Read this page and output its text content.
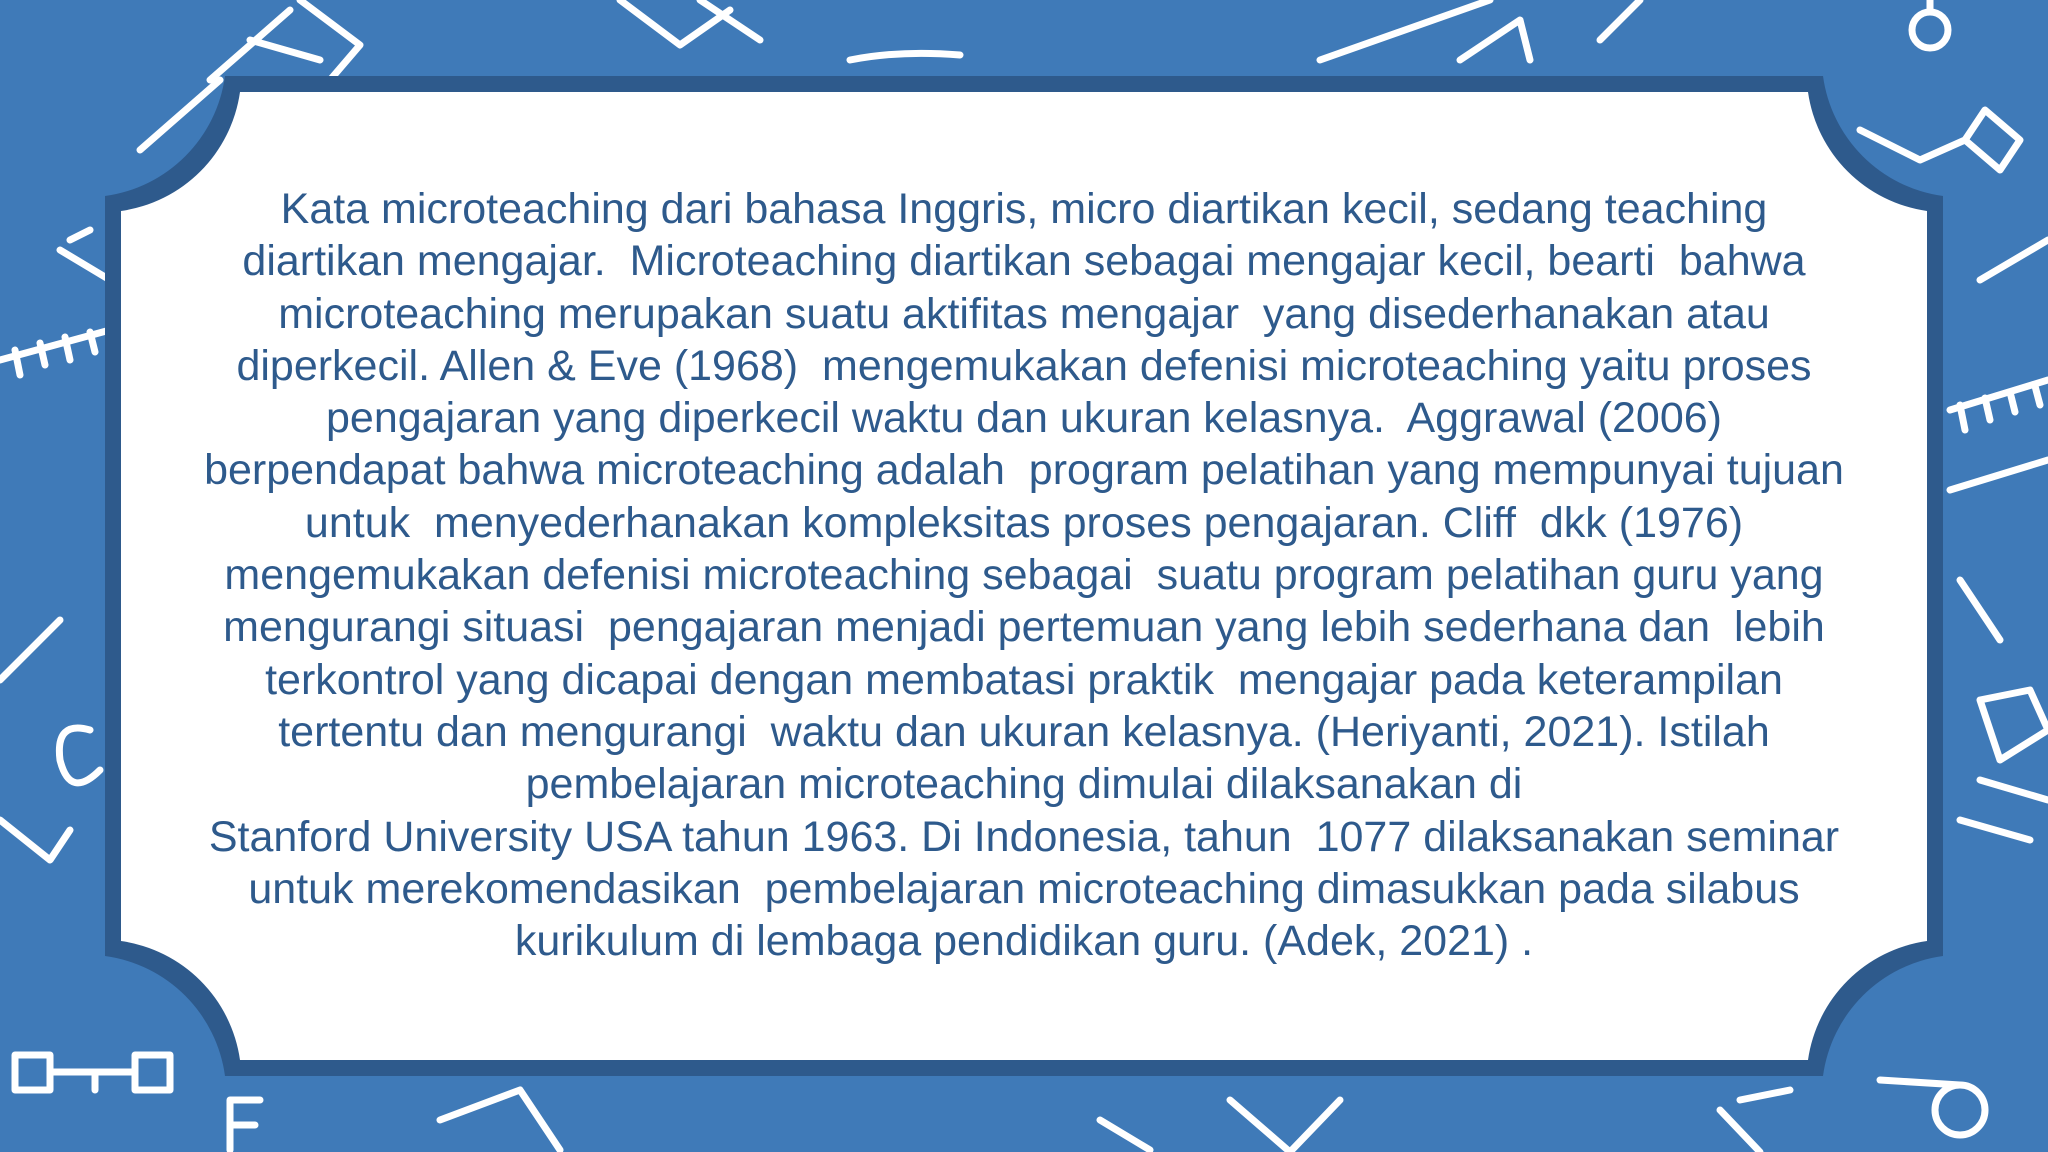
Kata microteaching dari bahasa Inggris, micro diartikan kecil, sedang teaching
diartikan mengajar.  Microteaching diartikan sebagai mengajar kecil, bearti  bahwa
microteaching merupakan suatu aktifitas mengajar  yang disederhanakan atau
diperkecil. Allen & Eve (1968)  mengemukakan defenisi microteaching yaitu proses
pengajaran yang diperkecil waktu dan ukuran kelasnya.  Aggrawal (2006)
berpendapat bahwa microteaching adalah  program pelatihan yang mempunyai tujuan
untuk  menyederhanakan kompleksitas proses pengajaran. Cliff  dkk (1976)
mengemukakan defenisi microteaching sebagai  suatu program pelatihan guru yang
mengurangi situasi  pengajaran menjadi pertemuan yang lebih sederhana dan  lebih
terkontrol yang dicapai dengan membatasi praktik  mengajar pada keterampilan
tertentu dan mengurangi  waktu dan ukuran kelasnya. (Heriyanti, 2021). Istilah
pembelajaran microteaching dimulai dilaksanakan di
Stanford University USA tahun 1963. Di Indonesia, tahun  1077 dilaksanakan seminar
untuk merekomendasikan  pembelajaran microteaching dimasukkan pada silabus
kurikulum di lembaga pendidikan guru. (Adek, 2021) .
